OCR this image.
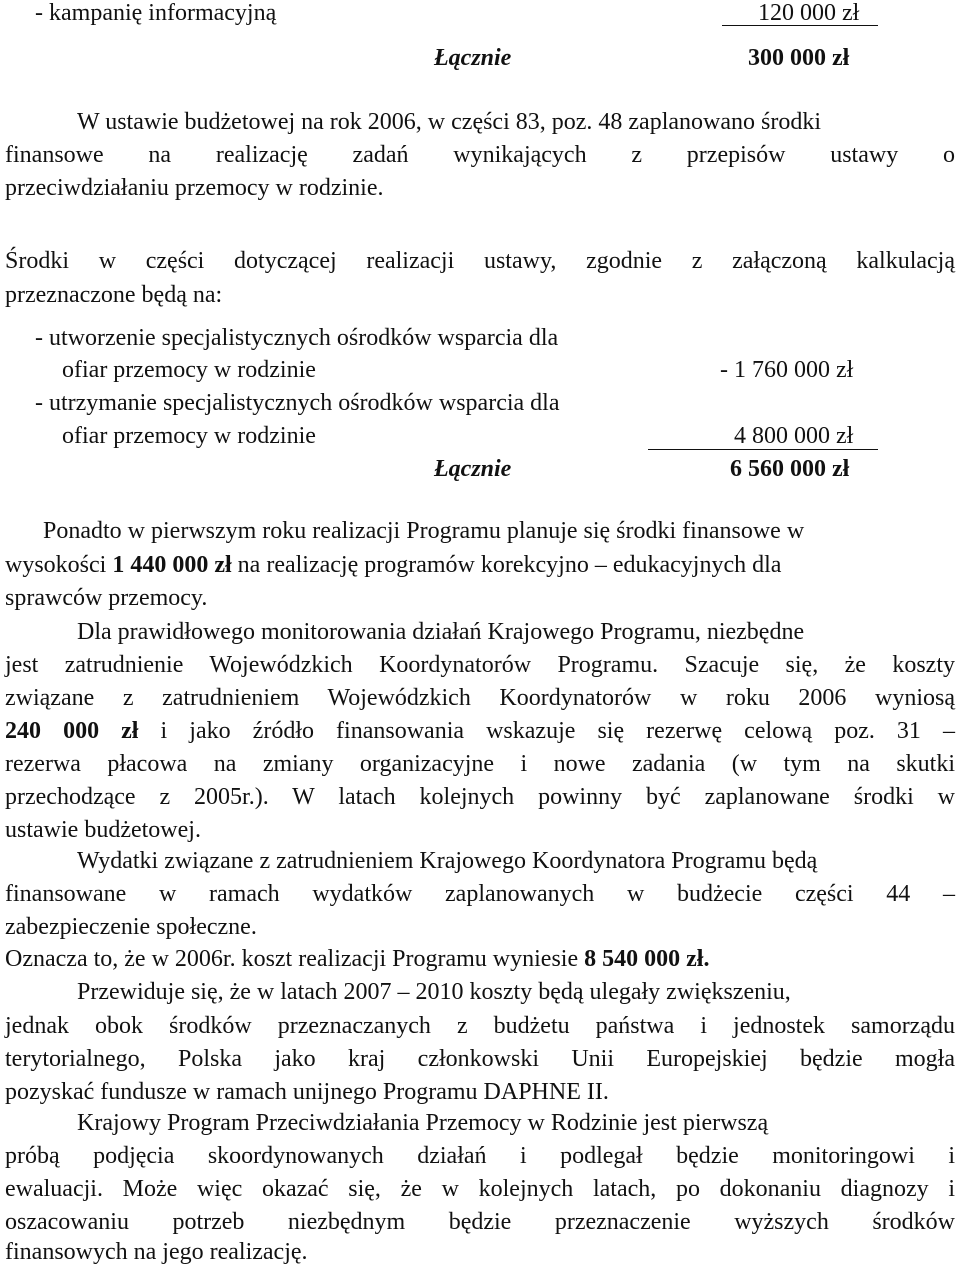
- kampanię informacyjną	120 000 zł
Łącznie	300 000 zł
W ustawie budżetowej na rok 2006, w części 83, poz. 48 zaplanowano środki
finansowe na realizację zadań wynikających z przepisów ustawy o
przeciwdziałaniu przemocy w rodzinie.
Środki w części dotyczącej realizacji ustawy, zgodnie z załączoną kalkulacją
przeznaczone będą na:
- utworzenie specjalistycznych ośrodków wsparcia dla
ofiar przemocy w rodzinie	- 1 760 000 zł
- utrzymanie specjalistycznych ośrodków wsparcia dla
ofiar przemocy w rodzinie	4 800 000 zł
Łącznie	6 560 000 zł
Ponadto w pierwszym roku realizacji Programu planuje się środki finansowe w
wysokości 1 440 000 zł na realizację programów korekcyjno – edukacyjnych dla
sprawców przemocy.
Dla prawidłowego monitorowania działań Krajowego Programu, niezbędne
jest zatrudnienie Wojewódzkich Koordynatorów Programu. Szacuje się, że koszty
związane z zatrudnieniem Wojewódzkich Koordynatorów w roku 2006 wyniosą
240 000 zł i jako źródło finansowania wskazuje się rezerwę celową poz. 31 –
rezerwa płacowa na zmiany organizacyjne i nowe zadania (w tym na skutki
przechodzące z 2005r.). W latach kolejnych powinny być zaplanowane środki w
ustawie budżetowej.
Wydatki związane z zatrudnieniem Krajowego Koordynatora Programu będą
finansowane w ramach wydatków zaplanowanych w budżecie części 44 –
zabezpieczenie społeczne.
Oznacza to, że w 2006r. koszt realizacji Programu wyniesie 8 540 000 zł.
Przewiduje się, że w latach 2007 – 2010 koszty będą ulegały zwiększeniu,
jednak obok środków przeznaczanych z budżetu państwa i jednostek samorządu
terytorialnego, Polska jako kraj członkowski Unii Europejskiej będzie mogła
pozyskać fundusze w ramach unijnego Programu DAPHNE II.
Krajowy Program Przeciwdziałania Przemocy w Rodzinie jest pierwszą
próbą podjęcia skoordynowanych działań i podlegał będzie monitoringowi i
ewaluacji. Może więc okazać się, że w kolejnych latach, po dokonaniu diagnozy i
oszacowaniu potrzeb niezbędnym będzie przeznaczenie wyższych środków
finansowych na jego realizację.
